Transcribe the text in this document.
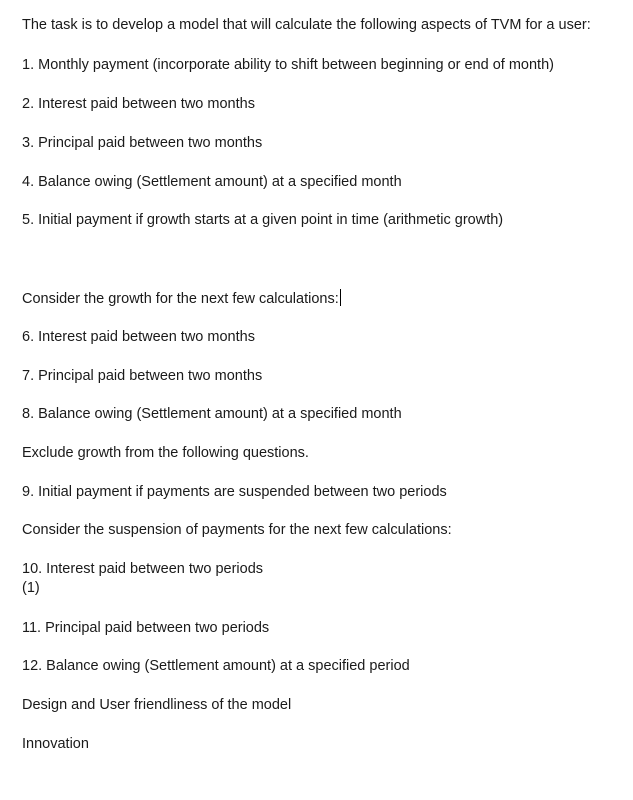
The task is to develop a model that will calculate the following aspects of TVM for a user:
1. Monthly payment (incorporate ability to shift between beginning or end of month)
2. Interest paid between two months
3. Principal paid between two months
4. Balance owing (Settlement amount) at a specified month
5. Initial payment if growth starts at a given point in time (arithmetic growth)
Consider the growth for the next few calculations:
6. Interest paid between two months
7. Principal paid between two months
8. Balance owing (Settlement amount) at a specified month
Exclude growth from the following questions.
9. Initial payment if payments are suspended between two periods
Consider the suspension of payments for the next few calculations:
10. Interest paid between two periods
(1)
11. Principal paid between two periods
12. Balance owing (Settlement amount) at a specified period
Design and User friendliness of the model
Innovation
